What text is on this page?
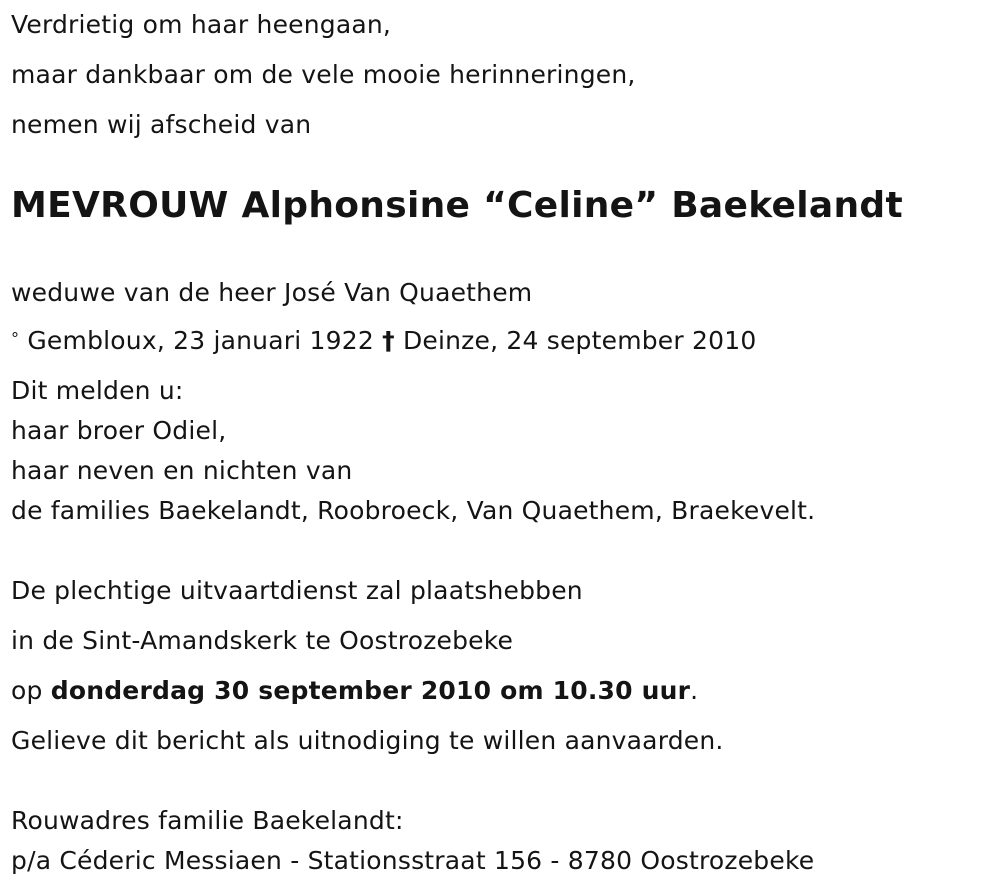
Verdrietig om haar heengaan,
maar dankbaar om de vele mooie herinneringen,
nemen wij afscheid van
MEVROUW Alphonsine “Celine” Baekelandt
weduwe van de heer José Van Quaethem
° Gembloux, 23 januari 1922 † Deinze, 24 september 2010
Dit melden u:
haar broer Odiel,
haar neven en nichten van
de families Baekelandt, Roobroeck, Van Quaethem, Braekevelt.
De plechtige uitvaartdienst zal plaatshebben
in de Sint-Amandskerk te Oostrozebeke
op donderdag 30 september 2010 om 10.30 uur.
Gelieve dit bericht als uitnodiging te willen aanvaarden.
Rouwadres familie Baekelandt:
p/a Céderic Messiaen - Stationsstraat 156 - 8780 Oostrozebeke
